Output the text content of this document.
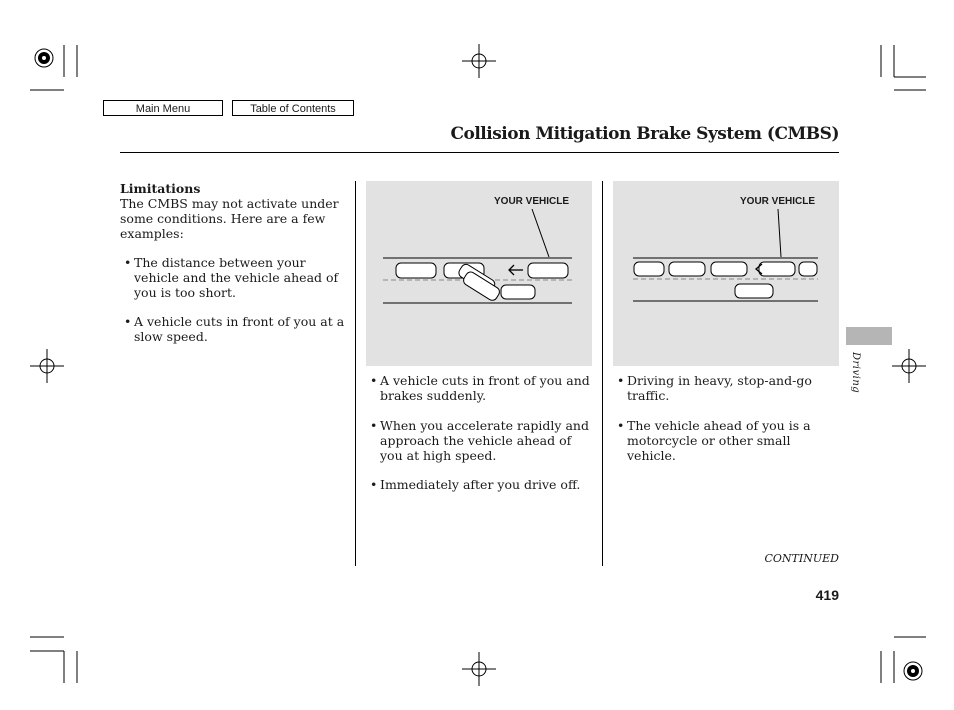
Main Menu	Table of Contents
Collision Mitigation Brake System (CMBS)
Limitations
The CMBS may not activate under some conditions. Here are a few examples:
• The distance between your vehicle and the vehicle ahead of you is too short.
• A vehicle cuts in front of you at a slow speed.
YOUR VEHICLE	YOUR VEHICLE
• A vehicle cuts in front of you and brakes suddenly.
• When you accelerate rapidly and approach the vehicle ahead of you at high speed.
• Immediately after you drive off.
• Driving in heavy, stop-and-go traffic.
• The vehicle ahead of you is a motorcycle or other small vehicle.
Driving
CONTINUED
419
